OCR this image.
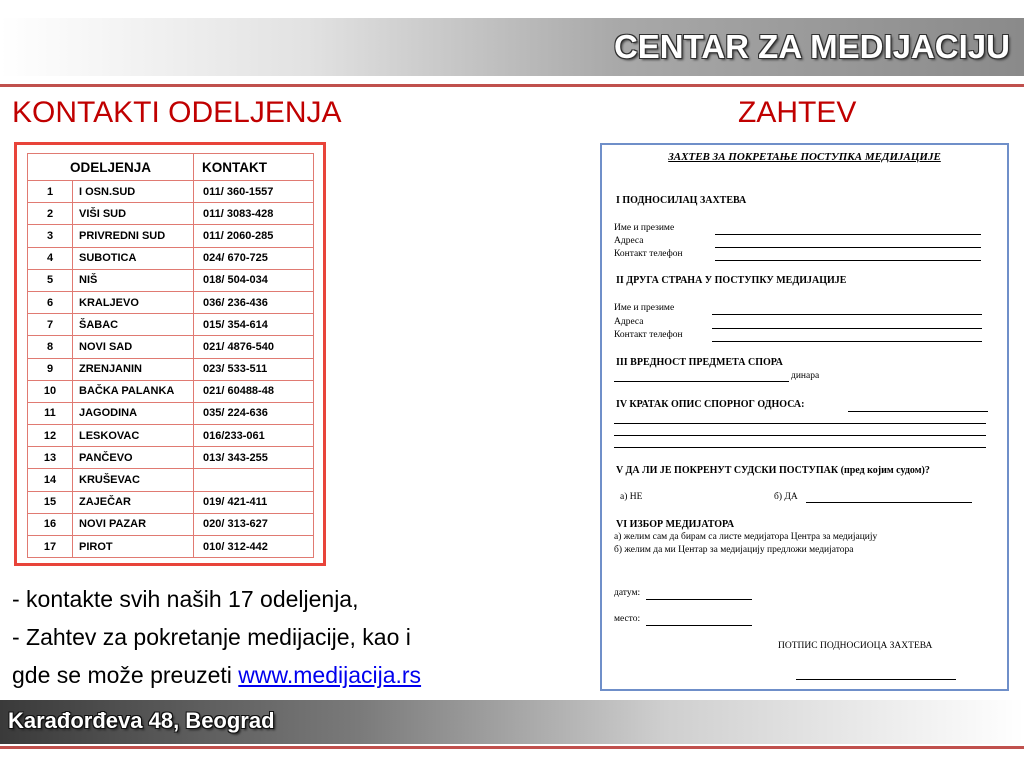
CENTAR ZA MEDIJACIJU
KONTAKTI ODELJENJA	ZAHTEV
ODELJENJA		KONTAKT
1	I OSN.SUD	011/ 360-1557
2	VIŠI SUD	011/ 3083-428
3	PRIVREDNI SUD	011/ 2060-285
4	SUBOTICA	024/ 670-725
5	NIŠ	018/ 504-034
6	KRALJEVO	036/ 236-436
7	ŠABAC	015/ 354-614
8	NOVI SAD	021/ 4876-540
9	ZRENJANIN	023/ 533-511
10	BAČKA PALANKA	021/ 60488-48
11	JAGODINA	035/ 224-636
12	LESKOVAC	016/233-061
13	PANČEVO	013/ 343-255
14	KRUŠEVAC	
15	ZAJEČAR	019/ 421-411
16	NOVI PAZAR	020/ 313-627
17	PIROT	010/ 312-442

- kontakte svih naših 17 odeljenja,

- Zahtev za pokretanje medijacije, kao i

gde se može preuzeti www.medijacija.rs

ЗАХТЕВ ЗА ПОКРЕТАЊЕ ПОСТУПКА МЕДИЈАЦИЈЕ
I ПОДНОСИЛАЦ ЗАХТЕВА
Име и презиме
Адреса
Контакт телефон
II ДРУГА СТРАНА У ПОСТУПКУ МЕДИЈАЦИЈЕ
Име и презиме
Адреса
Контакт телефон
III ВРЕДНОСТ ПРЕДМЕТА СПОРА
динара
IV КРАТАК ОПИС СПОРНОГ ОДНОСА:
V ДА ЛИ ЈЕ ПОКРЕНУТ СУДСКИ ПОСТУПАК (пред којим судом)?
а) НЕ	б) ДА
VI ИЗБОР МЕДИЈАТОРА
а) желим сам да бирам са листе медијатора Центра за медијацију
б) желим да ми Центар за медијацију предложи медијатора
датум:
место:
ПОТПИС ПОДНОСИОЦА ЗАХТЕВА
Karađorđeva 48, Beograd
